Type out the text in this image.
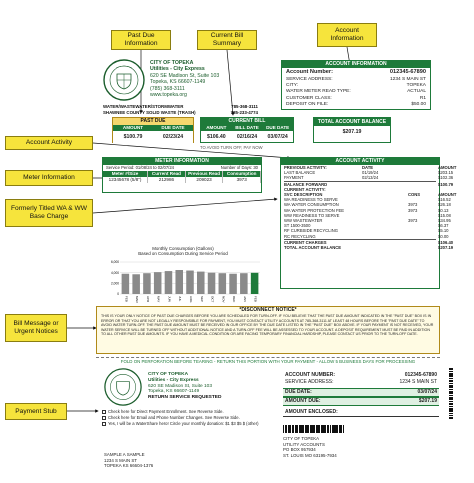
Past Due Information
Current Bill Summary
Account Information
Account Activity
Meter Information
Formerly Titled WA & WW Base Charge
Bill Message or Urgent Notices
Payment Stub
CITY OF TOPEKA
Utilities - City Express
620 SE Madison St, Suite 103
Topeka, KS 66607-1149
(785) 368-3111
www.topeka.org
WATER/WASTEWATER/STORMWATER	785-368-3111
SHAWNEE COUNTY SOLID WASTE (TRASH)	785-233-4774
PAST DUE
AMOUNT	DUE DATE
$100.79	02/23/24
CURRENT BILL
AMOUNT	BILL DATE	DUE DATE
$106.40	02/16/24	03/07/24
TOTAL ACCOUNT BALANCE
$207.19
TO AVOID TURN OFF, PAY NOW
ACCOUNT INFORMATION
Account Number:	012345-67890
SERVICE ADDRESS:	1234 S MAIN ST
CITY:	TOPEKA
WATER METER READ TYPE:	ACTUAL
CUSTOMER CLASS:	R1
DEPOSIT ON FILE:	$50.00
METER INFORMATION
Service Period: 01/08/24 to 02/07/24	Number of Days: 30
Meter #/Size	Current Read	Previous Read	Consumption
12345678 (5/8")	212986	209023	3973
Monthly Consumption (Gallons)
Based on Consumption During Service Period
6,000
4,000
2,000
0
FEB MAR APR MAY JUN JUL AUG SEP OCT NOV DEC JAN FEB
ACCOUNT ACTIVITY
PREVIOUS ACTIVITY:	DATE	AMOUNT
LAST BALANCE	01/19/24	$203.15
PAYMENT	02/13/24	$102.36
BALANCE FORWARD	$100.79
CURRENT ACTIVITY:
SVC DESCRIPTION	CONS	AMOUNT
WA READINESS TO SERVE	$16.52
WA WATER CONSUMPTION	3973	$26.18
WA WATER PROTECTION FEE	3973	$0.13
WW READINESS TO SERVE	$15.08
WW WASTEWATER	3973	$34.95
ST 1500-3500	$6.37
RF CURBSIDE RECYCLING	$5.10
RC RECYCLING	$0.00
CURRENT CHARGES	$106.40
TOTAL ACCOUNT BALANCE	$207.19
*DISCONNECT NOTICE*
THIS IS YOUR ONLY NOTICE OF PAST DUE CHARGES BEFORE YOU ARE SCHEDULED FOR TURN-OFF. IF YOU BELIEVE THAT THE PAST DUE AMOUNT INDICATED IN THE "PAST DUE" BOX IS IN ERROR OR THAT YOU ARE NOT LEGALLY RESPONSIBLE FOR PAYMENT, YOU MUST CONTACT UTILITY ACCOUNTS AT 785-368-3111 AT LEAST 48 HOURS BEFORE THE "PAST DUE DATE" TO AVOID WATER TURN-OFF. THE PAST DUE AMOUNT MUST BE RECEIVED IN OUR OFFICE BY THE DUE DATE LISTED IN THE "PAST DUE" BOX ABOVE. IF YOUR PAYMENT IS NOT RECEIVED, YOUR WATER SERVICE WILL BE TURNED OFF WITHOUT ADDITIONAL NOTICE AND A TURN-OFF FEE WILL BE ASSESSED TO YOUR ACCOUNT. A DEPOSIT REQUIREMENT MUST BE PAID IN ADDITION TO ALL OTHER PAST DUE AMOUNTS. IF YOU HAVE A MEDICAL CONDITION OR ARE FACING TEMPORARY FINANCIAL HARDSHIP, PLEASE CONTACT US PRIOR TO THE TURN-OFF DATE.
FOLD ON PERFORATION BEFORE TEARING - RETURN THIS PORTION WITH YOUR PAYMENT - ALLOW 5 BUSINESS DAYS FOR PROCESSING
CITY OF TOPEKA
Utilities - City Express
620 SE Madison St, Suite 103
Topeka, KS 66607-1149
RETURN SERVICE REQUESTED
Check here for Direct Payment Enrollment. See Reverse Side.
Check here for Email and Phone Number Changes. See Reverse Side.
Yes, I will be a WaterShare hero! Circle your monthly donation: $1 $3 $5 $ (other)
SAMPLE A SAMPLE
1234 S MAIN ST
TOPEKA KS 66604-1376
ACCOUNT NUMBER:	012345-67890
SERVICE ADDRESS:	1234 S MAIN ST
DUE DATE:	03/07/24
AMOUNT DUE:	$207.19
AMOUNT ENCLOSED:
CITY OF TOPEKA
UTILITY ACCOUNTS
PO BOX 957934
ST. LOUIS MO 63195-7934
